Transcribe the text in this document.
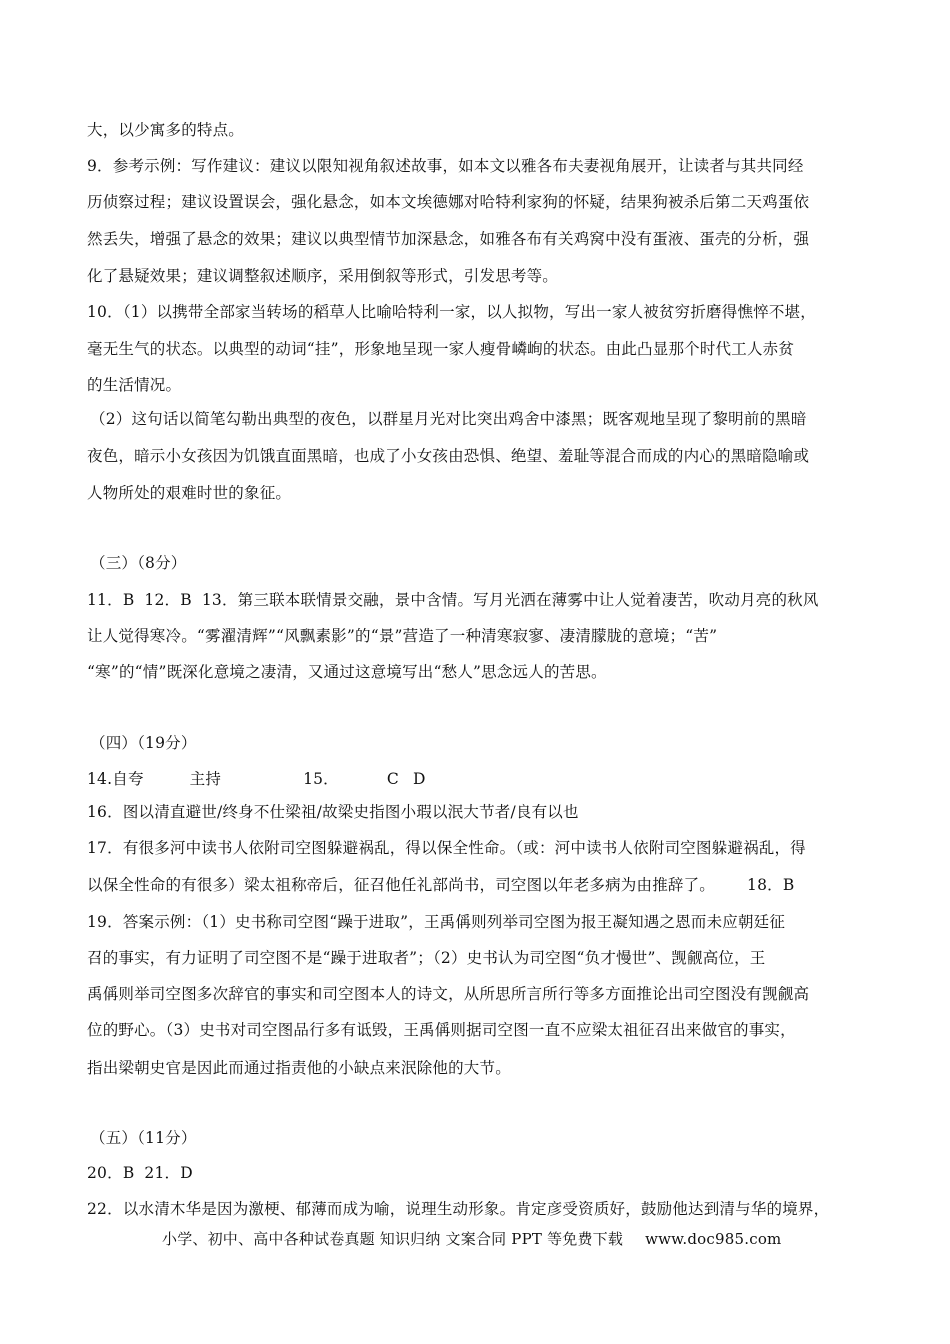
大，以少寓多的特点。
9．参考示例：写作建议：建议以限知视角叙述故事，如本文以雅各布夫妻视角展开，让读者与其共同经
历侦察过程；建议设置误会，强化悬念，如本文埃德娜对哈特利家狗的怀疑，结果狗被杀后第二天鸡蛋依
然丢失，增强了悬念的效果；建议以典型情节加深悬念，如雅各布有关鸡窝中没有蛋液、蛋壳的分析，强
化了悬疑效果；建议调整叙述顺序，采用倒叙等形式，引发思考等。
10．（1）以携带全部家当转场的稻草人比喻哈特利一家，以人拟物，写出一家人被贫穷折磨得憔悴不堪，
毫无生气的状态。以典型的动词“挂”，形象地呈现一家人瘦骨嶙峋的状态。由此凸显那个时代工人赤贫
的生活情况。
（2）这句话以简笔勾勒出典型的夜色，以群星月光对比突出鸡舍中漆黑；既客观地呈现了黎明前的黑暗
夜色，暗示小女孩因为饥饿直面黑暗，也成了小女孩由恐惧、绝望、羞耻等混合而成的内心的黑暗隐喻或
人物所处的艰难时世的象征。
（三）（8分）
11．B 12．B 13．第三联本联情景交融，景中含情。写月光洒在薄雾中让人觉着凄苦，吹动月亮的秋风
让人觉得寒冷。“雾濯清辉”“风飘素影”的“景”营造了一种清寒寂寥、凄清朦胧的意境；“苦”
“寒”的“情”既深化意境之凄清，又通过这意境写出“愁人”思念远人的苦思。
（四）（19分）
14.自夸	主持	15．	C D
16．图以清直避世/终身不仕梁祖/故梁史指图小瑕以泯大节者/良有以也
17．有很多河中读书人依附司空图躲避祸乱，得以保全性命。（或：河中读书人依附司空图躲避祸乱，得
以保全性命的有很多）梁太祖称帝后，征召他任礼部尚书，司空图以年老多病为由推辞了。 18．B
19．答案示例：（1）史书称司空图“躁于进取”，王禹偁则列举司空图为报王凝知遇之恩而未应朝廷征
召的事实，有力证明了司空图不是“躁于进取者”；（2）史书认为司空图“负才慢世”、觊觎高位，王
禹偁则举司空图多次辞官的事实和司空图本人的诗文，从所思所言所行等多方面推论出司空图没有觊觎高
位的野心。（3）史书对司空图品行多有诋毁，王禹偁则据司空图一直不应梁太祖征召出来做官的事实，
指出梁朝史官是因此而通过指责他的小缺点来泯除他的大节。
（五）（11分）
20．B 21．D
22．以水清木华是因为激梗、郁薄而成为喻，说理生动形象。肯定彦受资质好，鼓励他达到清与华的境界，
小学、初中、高中各种试卷真题 知识归纳 文案合同 PPT 等免费下载 www.doc985.com
